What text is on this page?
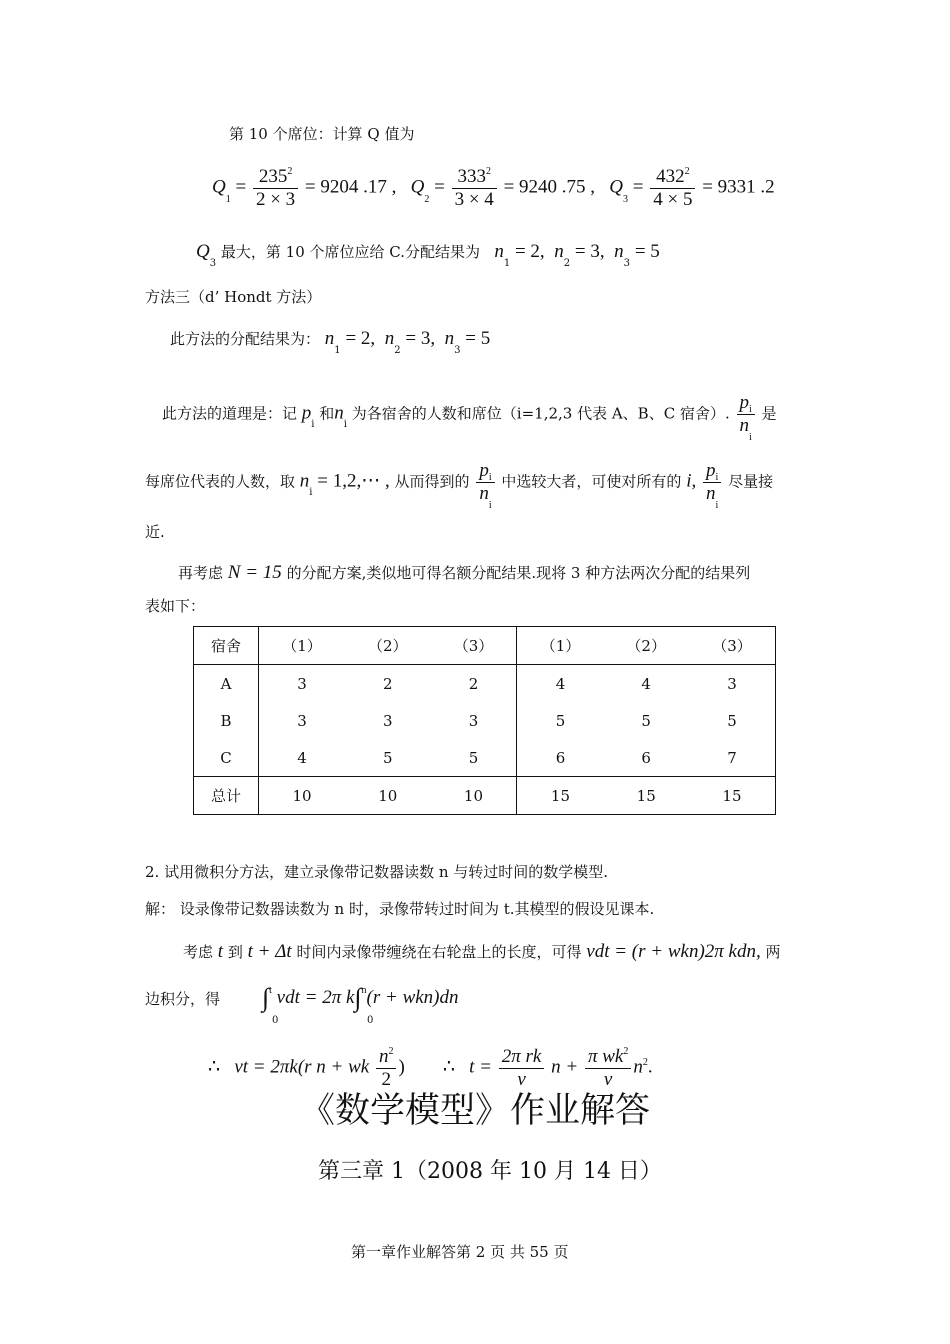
第 10 个席位：计算 Q 值为
$Q_1 = \frac{235^2}{2 \times 3} = 9204$ .17 , $Q_2 = \frac{333^2}{3 \times 4} = 9240$ .75 , $Q_3 = \frac{432^2}{4 \times 5} = 9331$ .2
$Q_3$ 最大，第 10 个席位应给 C.分配结果为 $n_1 = 2$, $n_2 = 3$, $n_3 = 5$
方法三（d’ Hondt 方法）
此方法的分配结果为： $n_1 = 2$, $n_2 = 3$, $n_3 = 5$
此方法的道理是：记 $p_i$ 和$n_i$ 为各宿舍的人数和席位（i=1,2,3 代表 A、B、C 宿舍）. $\frac{p_i}{n_i}$ 是
每席位代表的人数，取 $n_i$ = 1,2,⋯ , 从而得到的 $\frac{p_i}{n_i}$ 中选较大者，可使对所有的 i, $\frac{p_i}{n_i}$ 尽量接
近.
再考虑 N = 15 的分配方案,类似地可得名额分配结果.现将 3 种方法两次分配的结果列
表如下：
宿舍	（1）	（2）	（3）	（1）	（2）	（3）
A	3	2	2	4	4	3
B	3	3	3	5	5	5
C	4	5	5	6	6	7
总计	10	10	10	15	15	15
2. 试用微积分方法，建立录像带记数器读数 n 与转过时间的数学模型.
解： 设录像带记数器读数为 n 时，录像带转过时间为 t.其模型的假设见课本.
考虑 t 到 t + Δt 时间内录像带缠绕在右轮盘上的长度，可得 vdt = (r + wkn)2π kdn, 两
边积分，得 ∫$^t$ vdt = 2π k∫$^n$(r + wkn)dn
0	0
∴ vt = 2πk(r n + wk $\frac{n^2}{2}$ ) ∴ $t = \frac{\text{2π rk}}{v}$ $n + \frac{\pi wk^2}{v} n^2$.
《数学模型》作业解答
第三章 1（2008 年 10 月 14 日）
第一章作业解答第 2 页 共 55 页
